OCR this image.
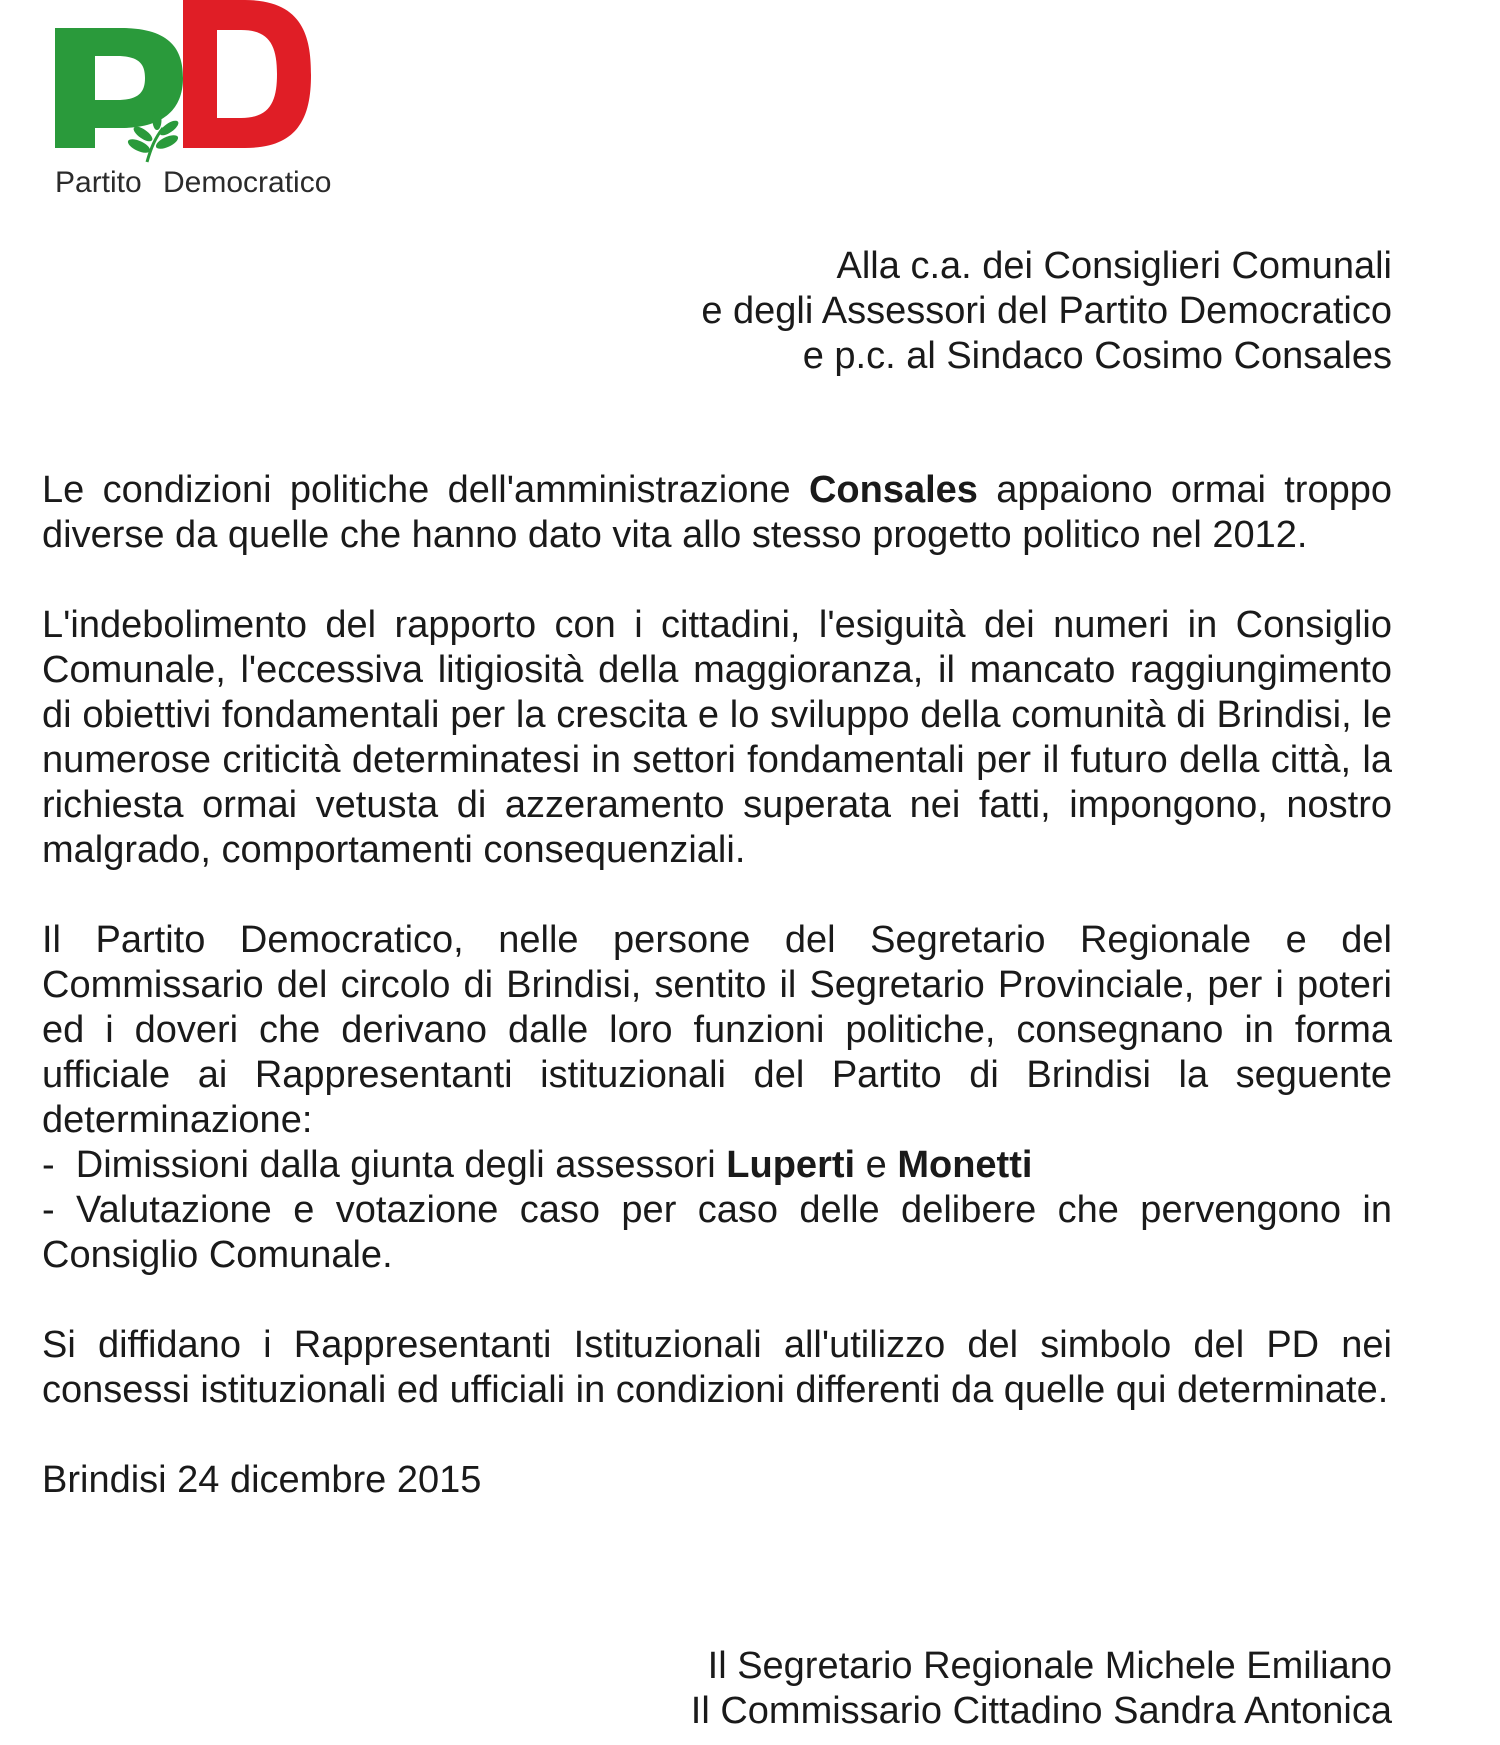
Partito Democratico
Alla c.a. dei Consiglieri Comunali
e degli Assessori del Partito Democratico
e p.c. al Sindaco Cosimo Consales

Le condizioni politiche dell'amministrazione Consales appaiono ormai troppo diverse da quelle che hanno dato vita allo stesso progetto politico nel 2012.

L'indebolimento del rapporto con i cittadini, l'esiguità dei numeri in Consiglio Comunale, l'eccessiva litigiosità della maggioranza, il mancato raggiungimento di obiettivi fondamentali per la crescita e lo sviluppo della comunità di Brindisi, le numerose criticità determinatesi in settori fondamentali per il futuro della città, la richiesta ormai vetusta di azzeramento superata nei fatti, impongono, nostro malgrado, comportamenti consequenziali.

Il Partito Democratico, nelle persone del Segretario Regionale e del Commissario del circolo di Brindisi, sentito il Segretario Provinciale, per i poteri ed i doveri che derivano dalle loro funzioni politiche, consegnano in forma ufficiale ai Rappresentanti istituzionali del Partito di Brindisi la seguente determinazione:
-  Dimissioni dalla giunta degli assessori Luperti e Monetti
- Valutazione e votazione caso per caso delle delibere che pervengono in Consiglio Comunale.

Si diffidano i Rappresentanti Istituzionali all'utilizzo del simbolo del PD nei consessi istituzionali ed ufficiali in condizioni differenti da quelle qui determinate.

Brindisi 24 dicembre 2015

Il Segretario Regionale Michele Emiliano
Il Commissario Cittadino Sandra Antonica
